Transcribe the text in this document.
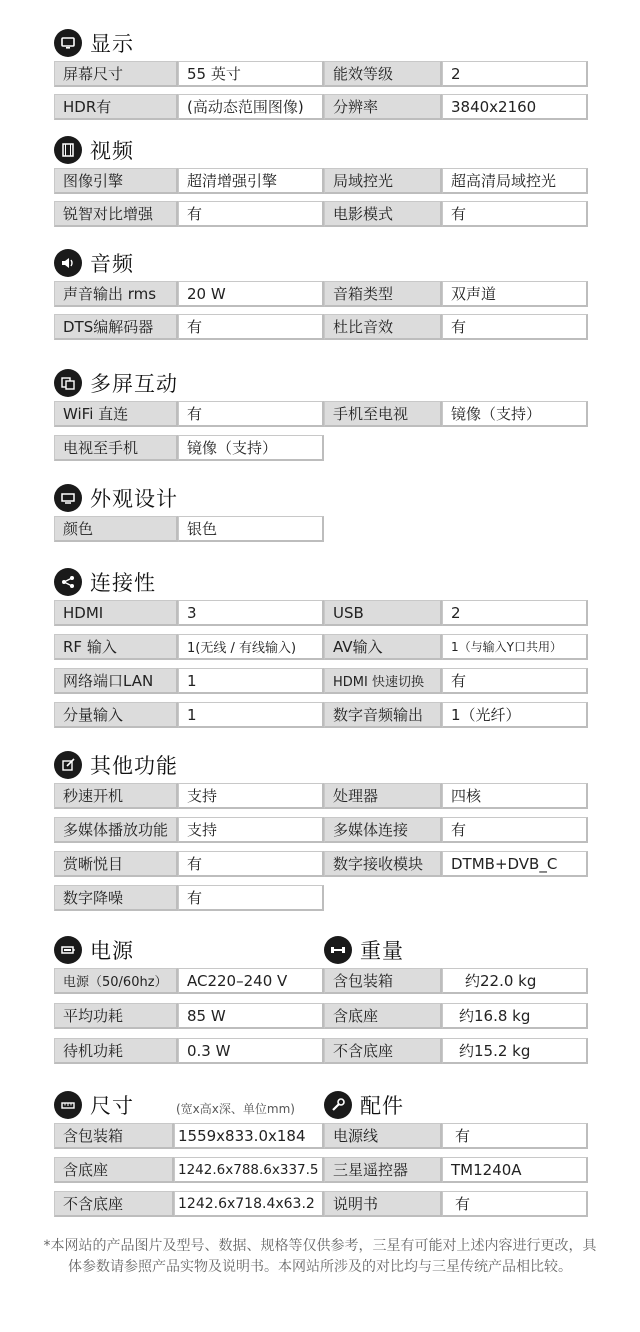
显示
屏幕尺寸	55 英寸	能效等级	2
HDR有	(高动态范围图像)	分辨率	3840x2160
视频
图像引擎	超清增强引擎	局域控光	超高清局域控光
锐智对比增强	有	电影模式	有
音频
声音输出 rms	20 W	音箱类型	双声道
DTS编解码器	有	杜比音效	有
多屏互动
WiFi 直连	有	手机至电视	镜像（支持）
电视至手机	镜像（支持）
外观设计
颜色	银色
连接性
HDMI	3	USB	2
RF 输入	1(无线 / 有线输入)	AV输入	1（与输入Y口共用）
网络端口LAN	1	HDMI 快速切换	有
分量输入	1	数字音频输出	1（光纤）
其他功能
秒速开机	支持	处理器	四核
多媒体播放功能	支持	多媒体连接	有
赏晰悦目	有	数字接收模块	DTMB+DVB_C
数字降噪	有
电源
电源（50/60hz）	AC220–240 V
平均功耗	85 W
待机功耗	0.3 W
重量
含包装箱	约22.0 kg
含底座	约16.8 kg
不含底座	约15.2 kg
尺寸	(宽x高x深、单位mm)
含包装箱	1559x833.0x184
含底座	1242.6x788.6x337.5
不含底座	1242.6x718.4x63.2
配件
电源线	有
三星遥控器	TM1240A
说明书	有
*本网站的产品图片及型号、数据、规格等仅供参考，三星有可能对上述内容进行更改，具体参数请参照产品实物及说明书。本网站所涉及的对比均与三星传统产品相比较。
